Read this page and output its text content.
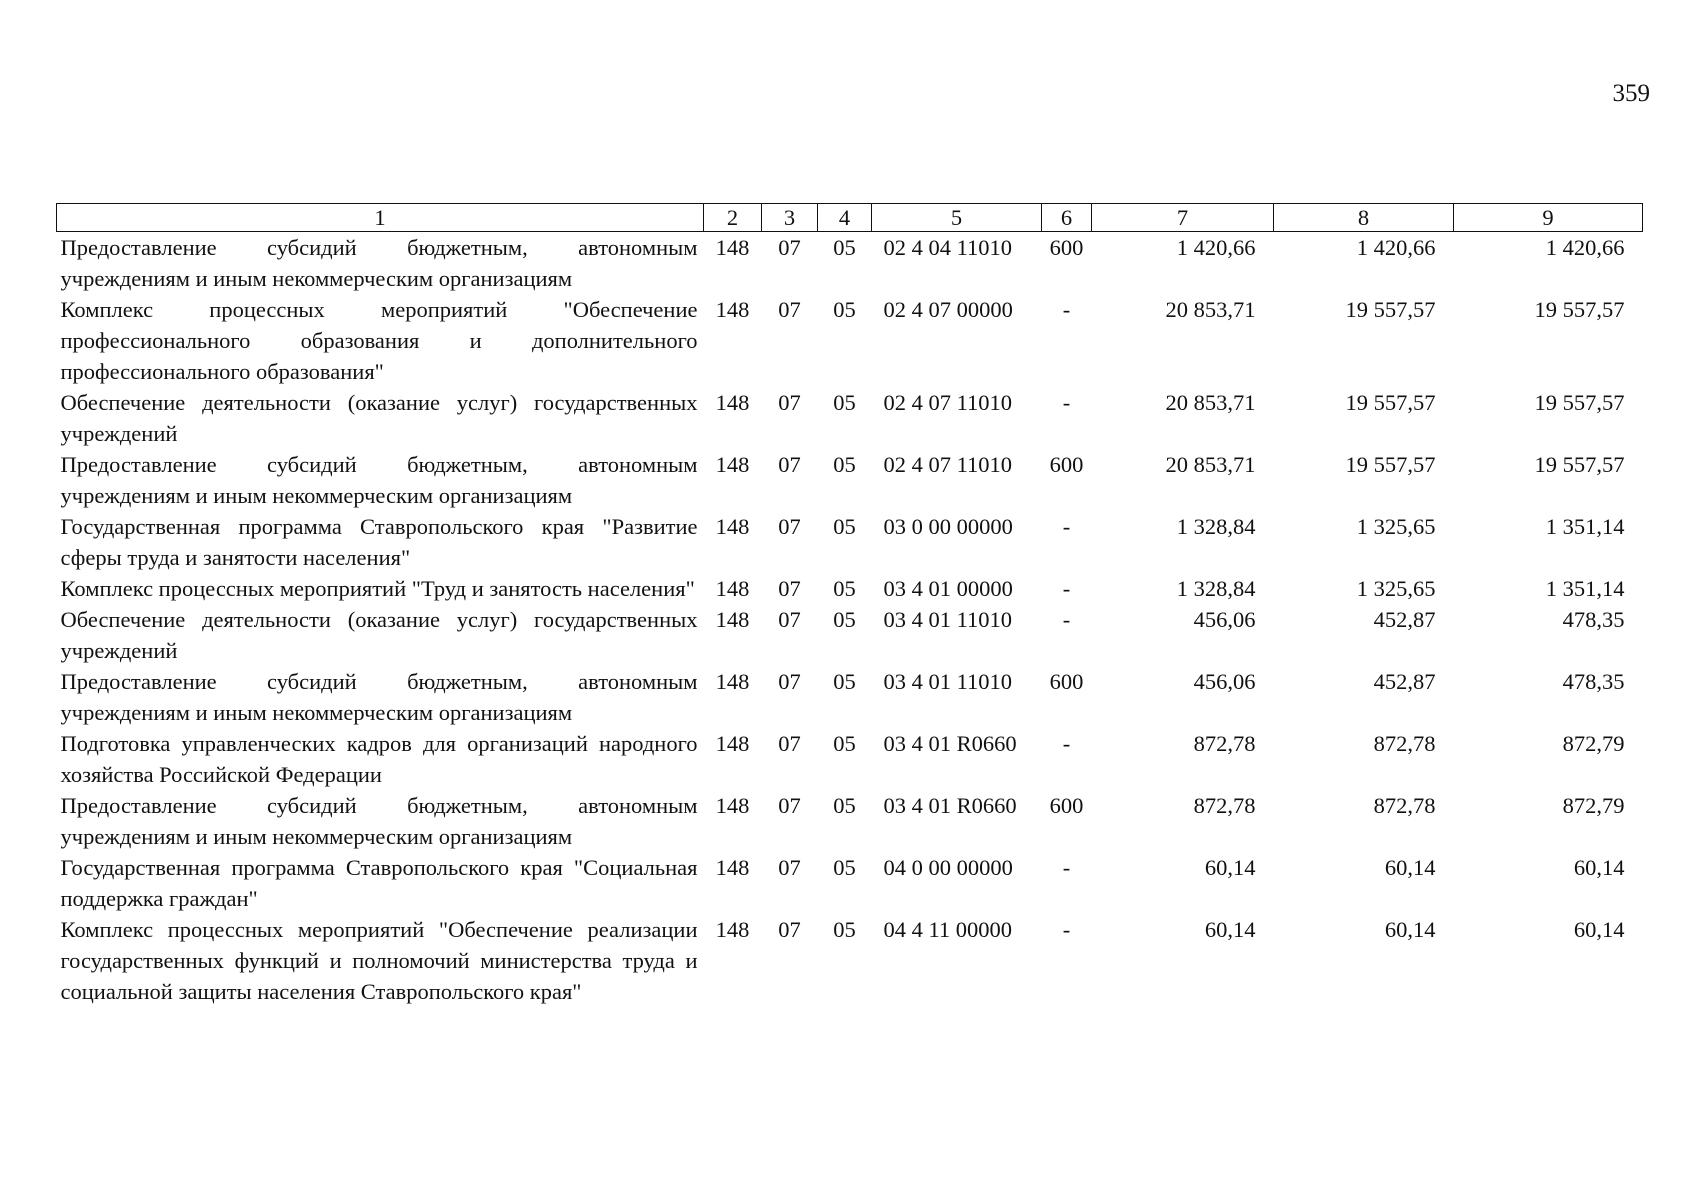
359
1	2	3	4	5	6	7	8	9
Предоставление субсидий бюджетным, автономным учреждениям и иным некоммерческим организациям	148	07	05	02 4 04 11010	600	1 420,66	1 420,66	1 420,66
Комплекс процессных мероприятий "Обеспечение профессионального образования и дополнительного профессионального образования"	148	07	05	02 4 07 00000	-	20 853,71	19 557,57	19 557,57
Обеспечение деятельности (оказание услуг) государственных учреждений	148	07	05	02 4 07 11010	-	20 853,71	19 557,57	19 557,57
Предоставление субсидий бюджетным, автономным учреждениям и иным некоммерческим организациям	148	07	05	02 4 07 11010	600	20 853,71	19 557,57	19 557,57
Государственная программа Ставропольского края "Развитие сферы труда и занятости населения"	148	07	05	03 0 00 00000	-	1 328,84	1 325,65	1 351,14
Комплекс процессных мероприятий "Труд и занятость населения"	148	07	05	03 4 01 00000	-	1 328,84	1 325,65	1 351,14
Обеспечение деятельности (оказание услуг) государственных учреждений	148	07	05	03 4 01 11010	-	456,06	452,87	478,35
Предоставление субсидий бюджетным, автономным учреждениям и иным некоммерческим организациям	148	07	05	03 4 01 11010	600	456,06	452,87	478,35
Подготовка управленческих кадров для организаций народного хозяйства Российской Федерации	148	07	05	03 4 01 R0660	-	872,78	872,78	872,79
Предоставление субсидий бюджетным, автономным учреждениям и иным некоммерческим организациям	148	07	05	03 4 01 R0660	600	872,78	872,78	872,79
Государственная программа Ставропольского края "Социальная поддержка граждан"	148	07	05	04 0 00 00000	-	60,14	60,14	60,14
Комплекс процессных мероприятий "Обеспечение реализации государственных функций и полномочий министерства труда и социальной защиты населения Ставропольского края"	148	07	05	04 4 11 00000	-	60,14	60,14	60,14
